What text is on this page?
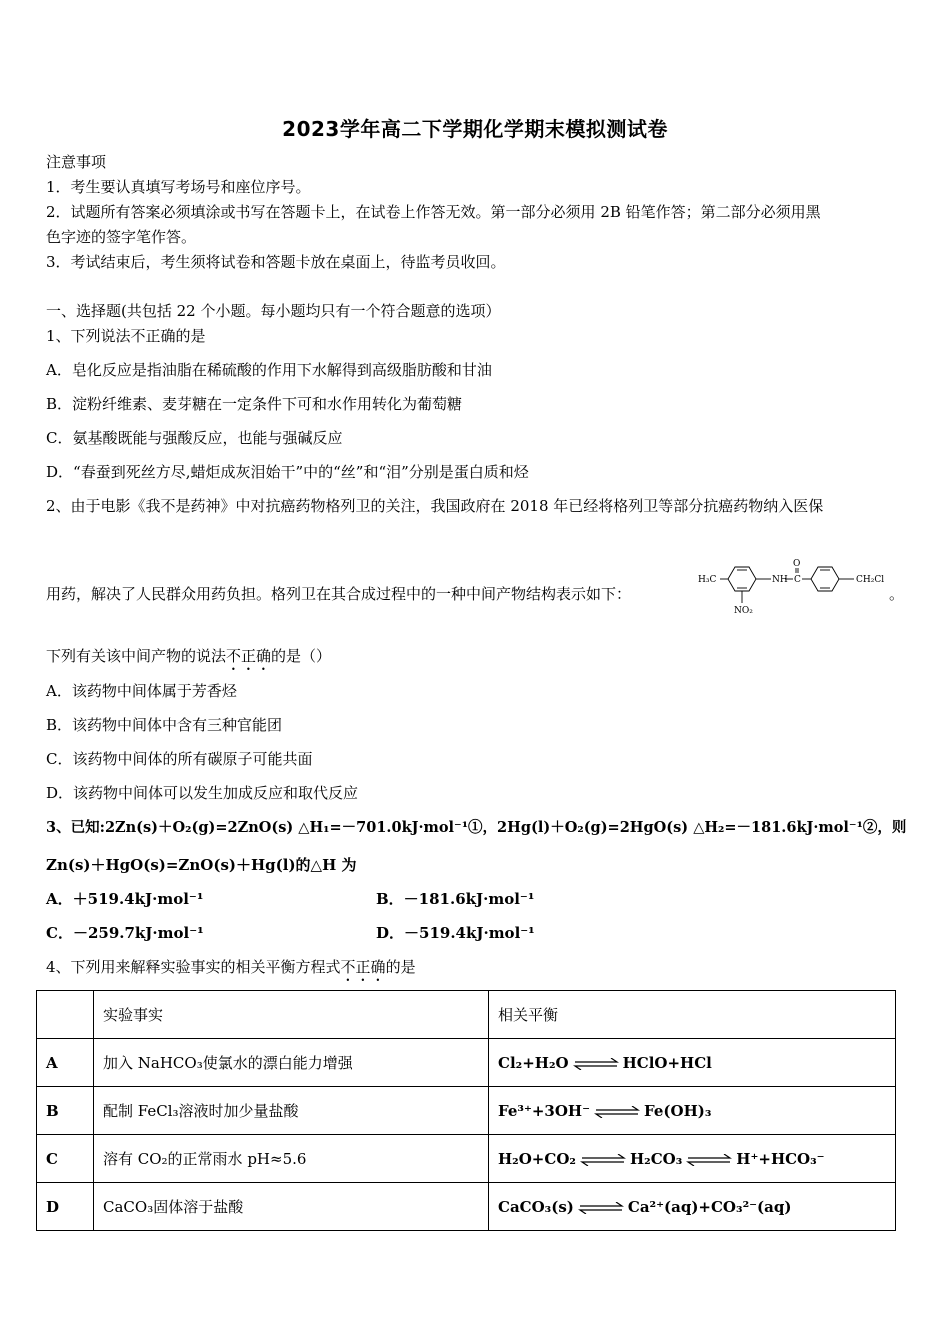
2023学年高二下学期化学期末模拟测试卷
注意事项
1．考生要认真填写考场号和座位序号。
2．试题所有答案必须填涂或书写在答题卡上，在试卷上作答无效。第一部分必须用 2B 铅笔作答；第二部分必须用黑
色字迹的签字笔作答。
3．考试结束后，考生须将试卷和答题卡放在桌面上，待监考员收回。
一、选择题(共包括 22 个小题。每小题均只有一个符合题意的选项）
1、下列说法不正确的是
A．皂化反应是指油脂在稀硫酸的作用下水解得到高级脂肪酸和甘油
B．淀粉纤维素、麦芽糖在一定条件下可和水作用转化为葡萄糖
C．氨基酸既能与强酸反应，也能与强碱反应
D．“春蚕到死丝方尽,蜡炬成灰泪始干”中的“丝”和“泪”分别是蛋白质和烃
2、由于电影《我不是药神》中对抗癌药物格列卫的关注，我国政府在 2018 年已经将格列卫等部分抗癌药物纳入医保
用药，解决了人民群众用药负担。格列卫在其合成过程中的一种中间产物结构表示如下：	。
H₃C	NH
O
C	CH₂Cl
NO₂
下列有关该中间产物的说法不正确的是（）
A．该药物中间体属于芳香烃
B．该药物中间体中含有三种官能团
C．该药物中间体的所有碳原子可能共面
D．该药物中间体可以发生加成反应和取代反应
3、已知:2Zn(s)＋O₂(g)=2ZnO(s) △H₁=－701.0kJ·mol⁻¹①，2Hg(l)＋O₂(g)=2HgO(s) △H₂=－181.6kJ·mol⁻¹②，则
Zn(s)＋HgO(s)=ZnO(s)＋Hg(l)的△H 为
A．＋519.4kJ·mol⁻¹	B．－181.6kJ·mol⁻¹
C．－259.7kJ·mol⁻¹	D．－519.4kJ·mol⁻¹
4、下列用来解释实验事实的相关平衡方程式不正确的是
	实验事实	相关平衡
A	加入 NaHCO₃使氯水的漂白能力增强	Cl₂+H₂O ⇌ HClO+HCl
B	配制 FeCl₃溶液时加少量盐酸	Fe³⁺+3OH⁻ ⇌ Fe(OH)₃
C	溶有 CO₂的正常雨水 pH≈5.6	H₂O+CO₂ ⇌ H₂CO₃ ⇌ H⁺+HCO₃⁻
D	CaCO₃固体溶于盐酸	CaCO₃(s) ⇌ Ca²⁺(aq)+CO₃²⁻(aq)
